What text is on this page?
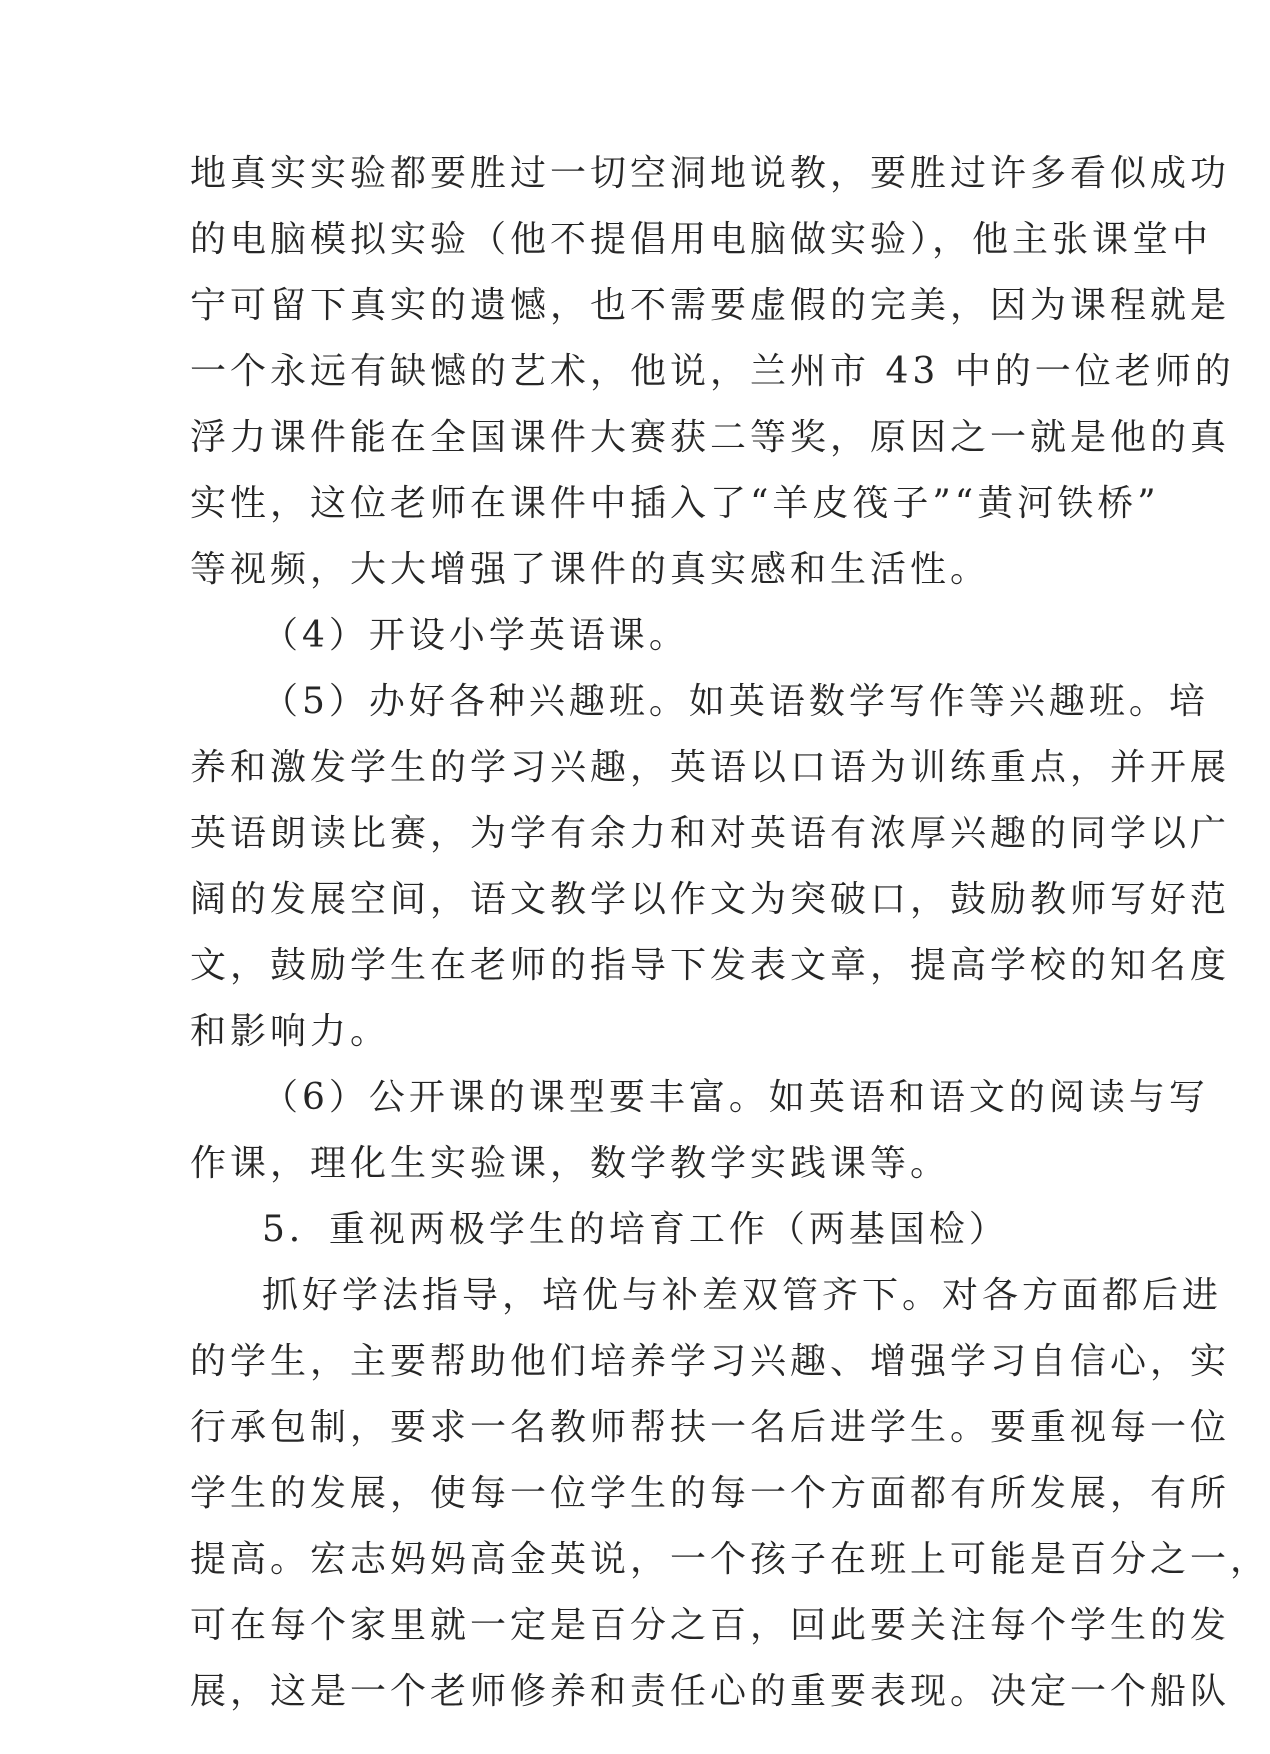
地真实实验都要胜过一切空洞地说教，要胜过许多看似成功
的电脑模拟实验（他不提倡用电脑做实验），他主张课堂中
宁可留下真实的遗憾，也不需要虚假的完美，因为课程就是
一个永远有缺憾的艺术，他说，兰州市 43 中的一位老师的
浮力课件能在全国课件大赛获二等奖，原因之一就是他的真
实性，这位老师在课件中插入了“羊皮筏子”“黄河铁桥”
等视频，大大增强了课件的真实感和生活性。
（4）开设小学英语课。
（5）办好各种兴趣班。如英语数学写作等兴趣班。培
养和激发学生的学习兴趣，英语以口语为训练重点，并开展
英语朗读比赛，为学有余力和对英语有浓厚兴趣的同学以广
阔的发展空间，语文教学以作文为突破口，鼓励教师写好范
文，鼓励学生在老师的指导下发表文章，提高学校的知名度
和影响力。
（6）公开课的课型要丰富。如英语和语文的阅读与写
作课，理化生实验课，数学教学实践课等。
5．重视两极学生的培育工作（两基国检）
抓好学法指导，培优与补差双管齐下。对各方面都后进
的学生，主要帮助他们培养学习兴趣、增强学习自信心，实
行承包制，要求一名教师帮扶一名后进学生。要重视每一位
学生的发展，使每一位学生的每一个方面都有所发展，有所
提高。宏志妈妈高金英说，一个孩子在班上可能是百分之一，
可在每个家里就一定是百分之百，回此要关注每个学生的发
展，这是一个老师修养和责任心的重要表现。决定一个船队
